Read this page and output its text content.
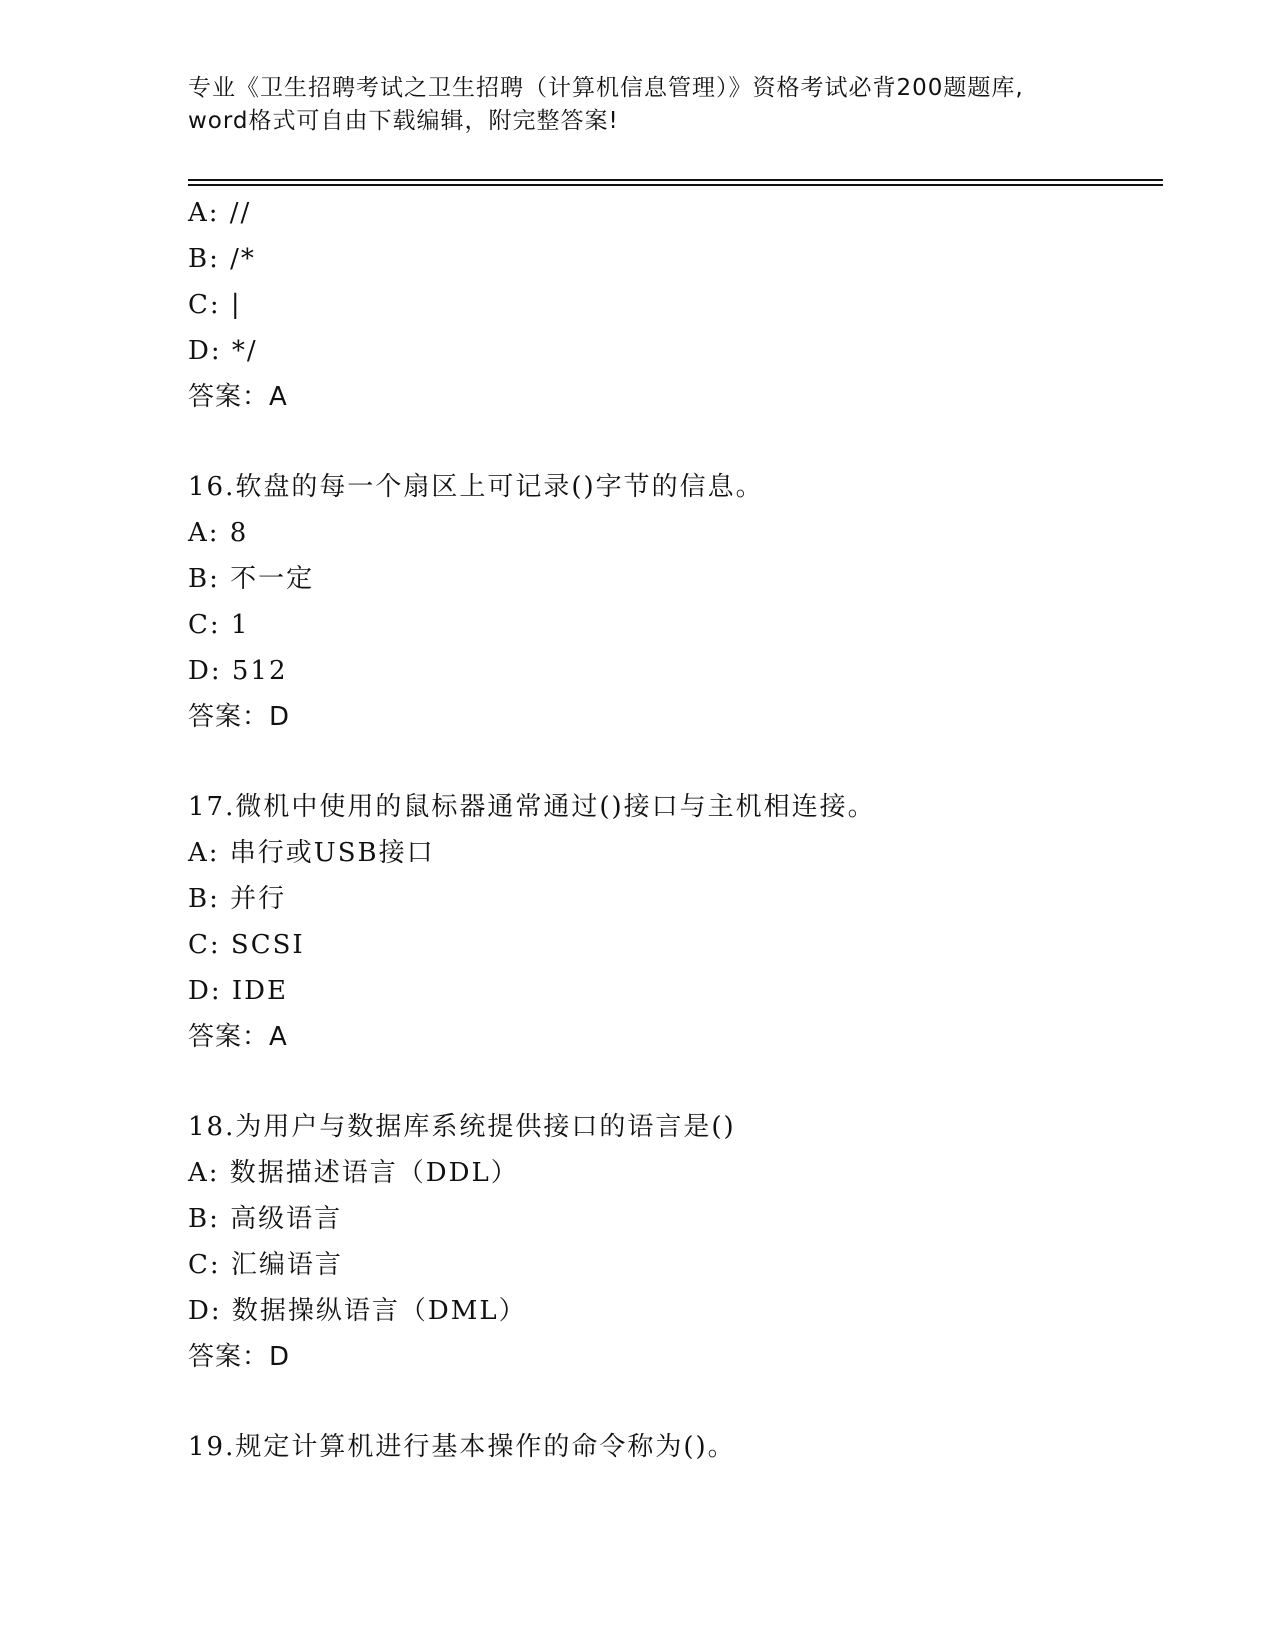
专业《卫生招聘考试之卫生招聘（计算机信息管理）》资格考试必背200题题库,
word格式可自由下载编辑，附完整答案!
A: //
B: /*
C: |
D: */
答案：A
16.软盘的每一个扇区上可记录()字节的信息。
A: 8
B: 不一定
C: 1
D: 512
答案：D
17.微机中使用的鼠标器通常通过()接口与主机相连接。
A: 串行或USB接口
B: 并行
C: SCSI
D: IDE
答案：A
18.为用户与数据库系统提供接口的语言是()
A: 数据描述语言（DDL）
B: 高级语言
C: 汇编语言
D: 数据操纵语言（DML）
答案：D
19.规定计算机进行基本操作的命令称为()。
